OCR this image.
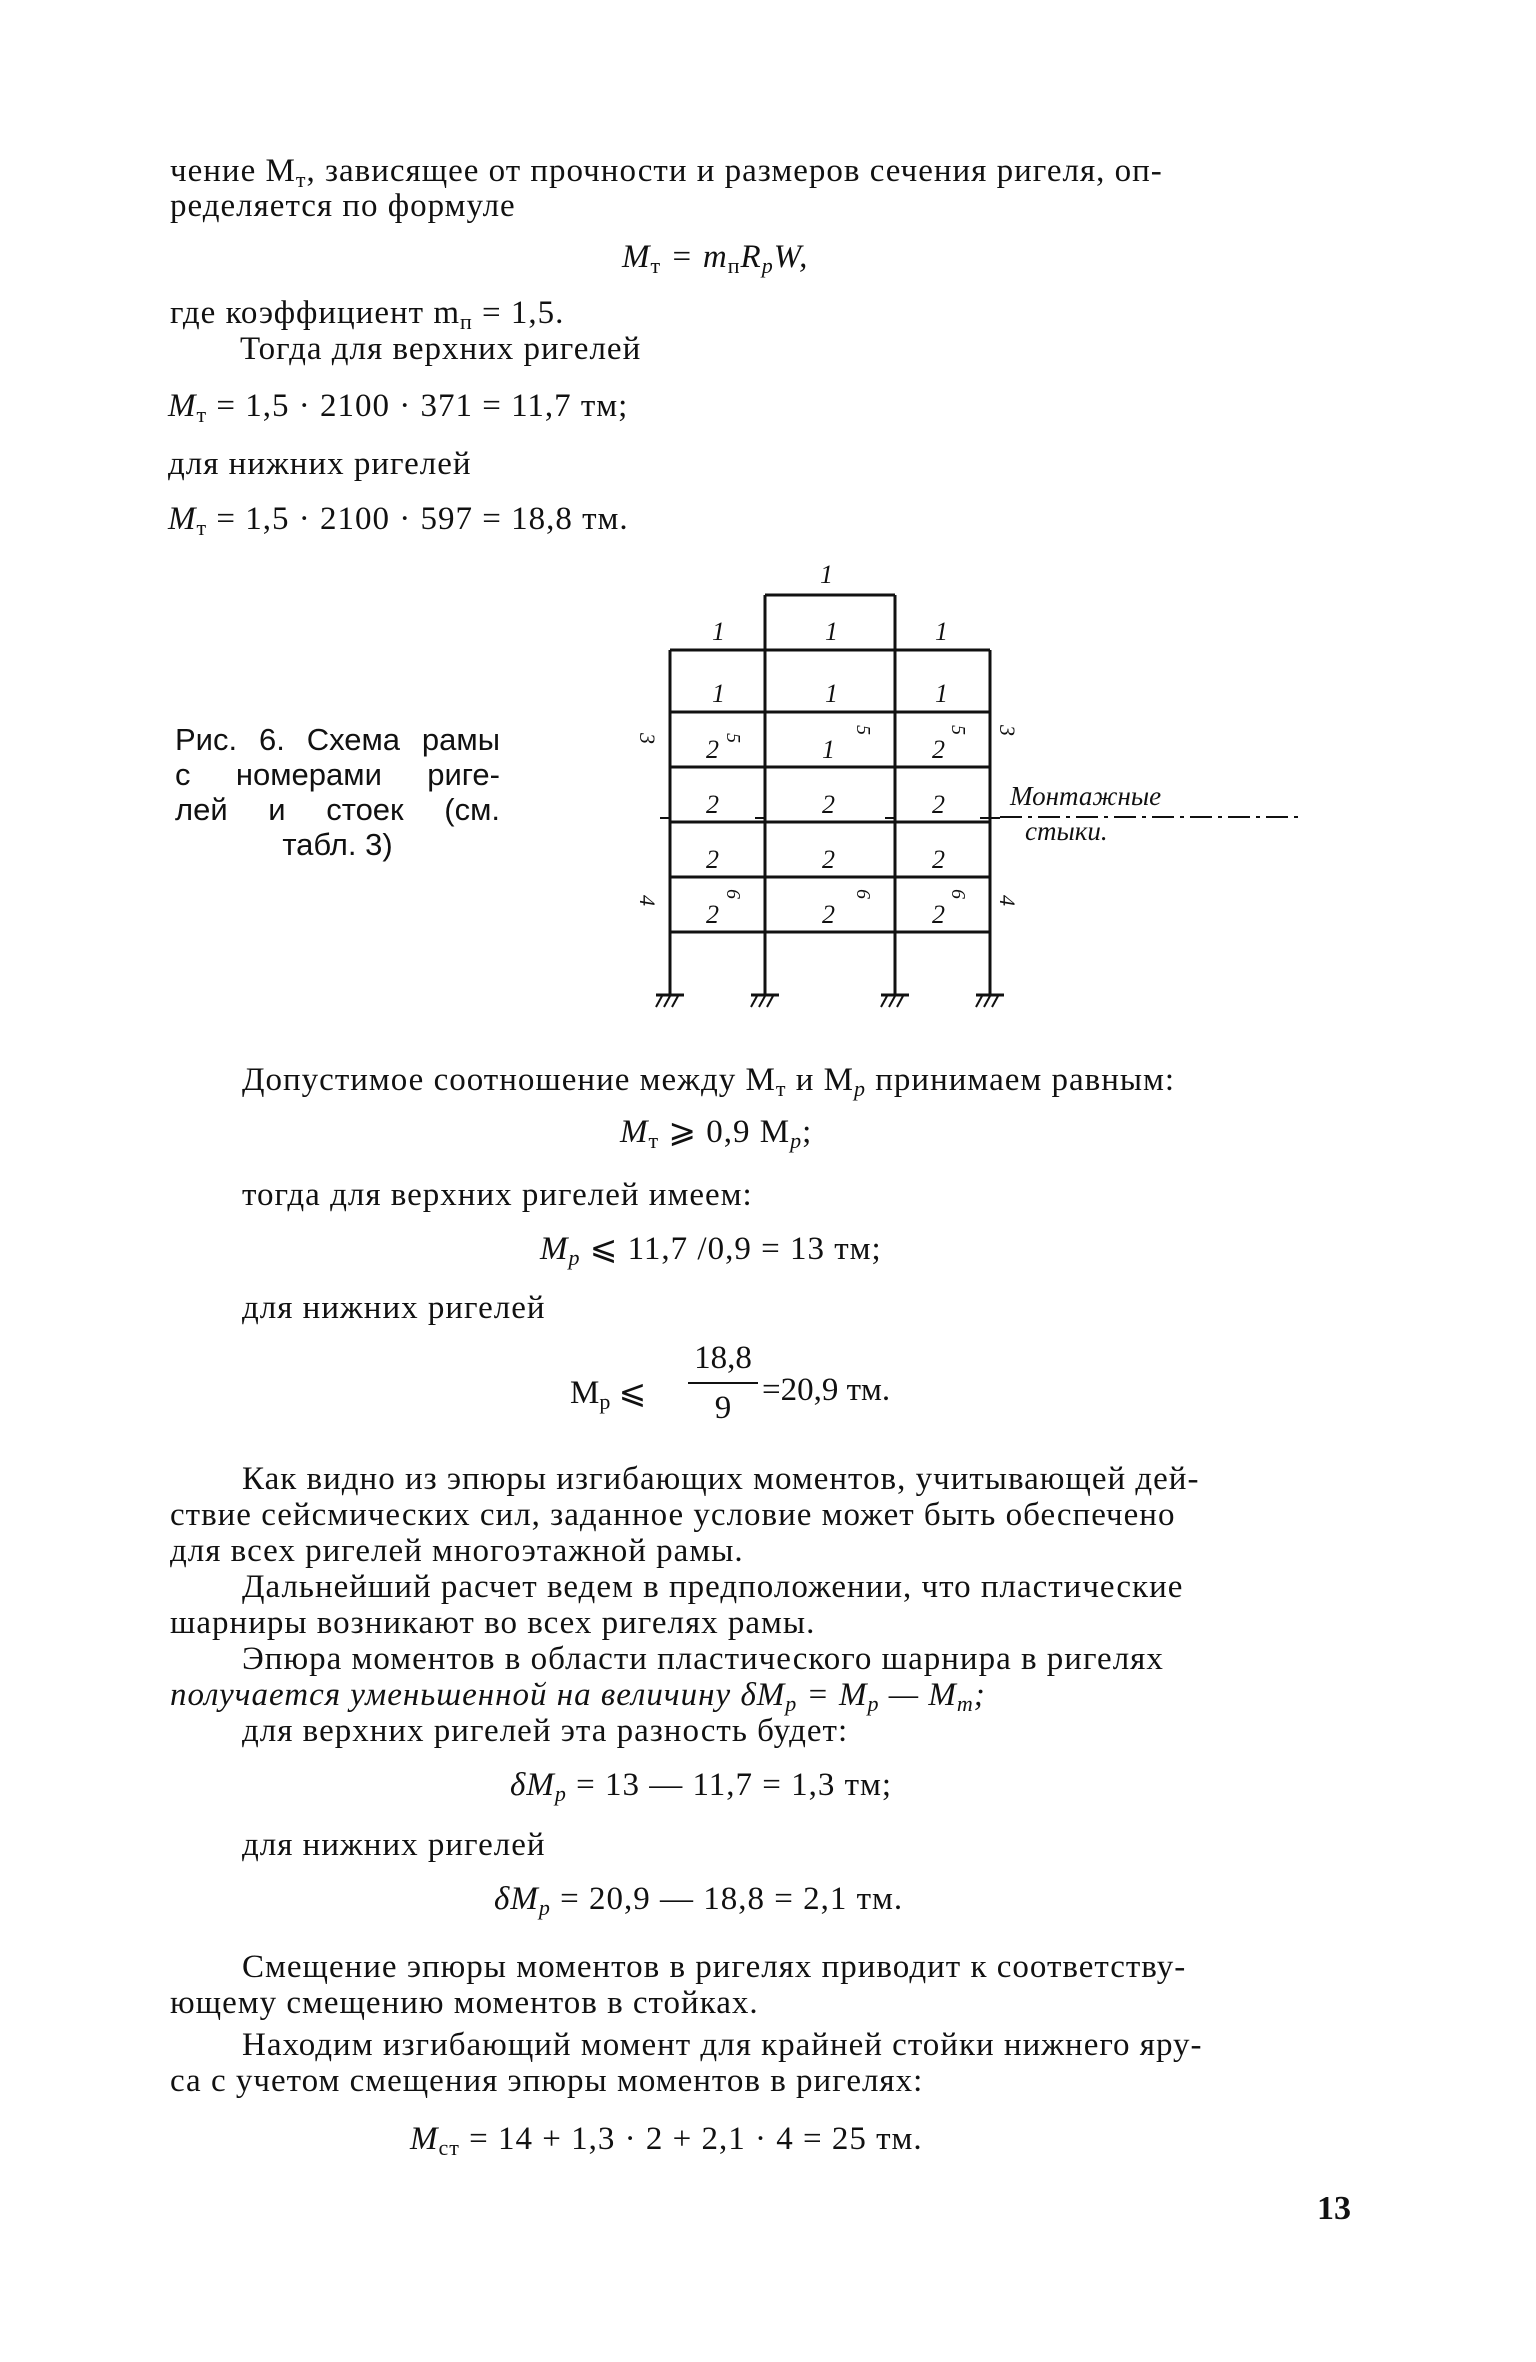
чение $M_т$, зависящее от прочности и размеров сечения ригеля, оп-
ределяется по формуле
$M_т = m_пR_pW$,
где коэффициент $m_п = 1,5$.
Тогда для верхних ригелей
$M_т = 1,5 \cdot 2100 \cdot 371 = 11,7$ тм;
для нижних ригелей
$M_т = 1,5 \cdot 2100 \cdot 597 = 18,8$ тм.
Рис. 6. Схема рамы
с номерами риге-
лей и стоек (см.
табл. 3)
1
1	1	1
1	1	1
2	1	2
2	2	2
2	2	2
2	2	2
5
5	5
6	6	6
3
3
4	4
Монтажные
стыки.
Допустимое соотношение между $M_т$ и $M_p$ принимаем равным:
$M_т$ ⩾ 0,9 $M_p$;
тогда для верхних ригелей имеем:
$M_p$ ⩽ 11,7 /0,9 = 13 тм;
для нижних ригелей
$M_p$ ⩽
18,8
9 =20,9 тм.
Как видно из эпюры изгибающих моментов, учитывающей дей-
ствие сейсмических сил, заданное условие может быть обеспечено
для всех ригелей многоэтажной рамы.
Дальнейший расчет ведем в предположении, что пластические
шарниры возникают во всех ригелях рамы.
Эпюра моментов в области пластического шарнира в ригелях
получается уменьшенной на величину $\delta M_p = M_p$ — $M_т$;
для верхних ригелей эта разность будет:
$\delta M_p = 13$ — 11,7 = 1,3 тм;
для нижних ригелей
$\delta M_p = 20,9$ — 18,8 = 2,1 тм.
Смещение эпюры моментов в ригелях приводит к соответству-
ющему смещению моментов в стойках.
Находим изгибающий момент для крайней стойки нижнего яру-
са с учетом смещения эпюры моментов в ригелях:
$M_{ст} = 14 + 1,3 \cdot 2 + 2,1 \cdot 4 = 25$ тм.
13
